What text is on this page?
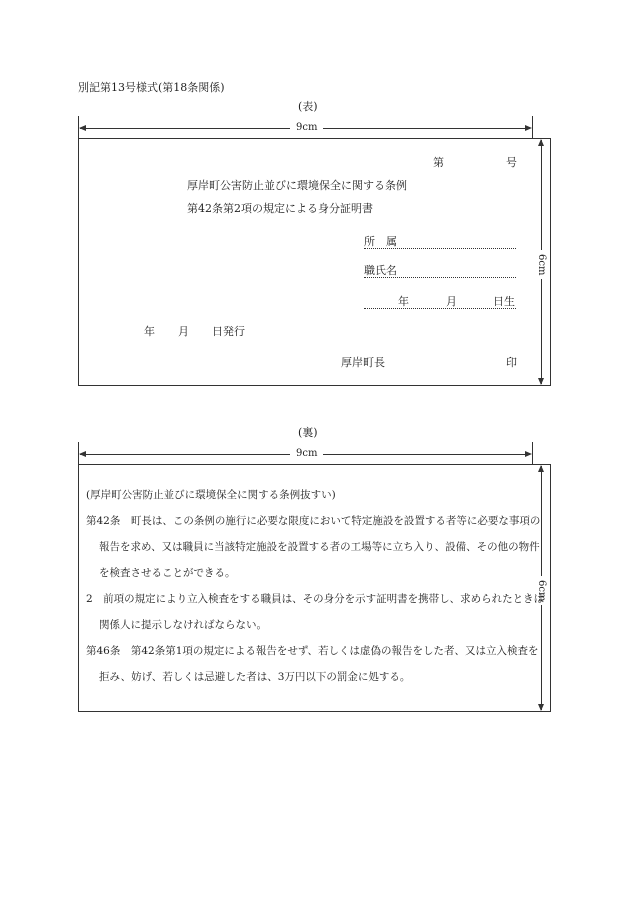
別記第13号様式(第18条関係)
(表)
9cm
6cm
第	号
厚岸町公害防止並びに環境保全に関する条例
第42条第2項の規定による身分証明書
所　属
職氏名
年	月	日生
年 月 日発行
厚岸町長	印
(裏)
9cm
6cm
(厚岸町公害防止並びに環境保全に関する条例抜すい)

第42条　町長は、この条例の施行に必要な限度において特定施設を設置する者等に必要な事項の報告を求め、又は職員に当該特定施設を設置する者の工場等に立ち入り、設備、その他の物件を検査させることができる。

2　前項の規定により立入検査をする職員は、その身分を示す証明書を携帯し、求められたときは関係人に提示しなければならない。

第46条　第42条第1項の規定による報告をせず、若しくは虚偽の報告をした者、又は立入検査を拒み、妨げ、若しくは忌避した者は、3万円以下の罰金に処する。
